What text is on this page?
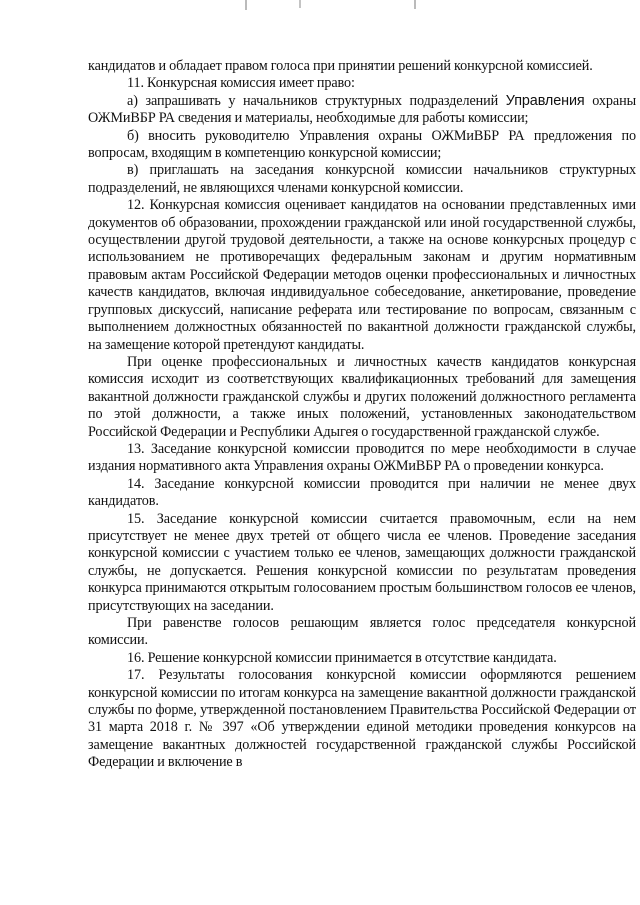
кандидатов и обладает правом голоса при принятии решений конкурсной комиссией.

11. Конкурсная комиссия имеет право:

а) запрашивать у начальников структурных подразделений Управления охраны ОЖМиВБР РА сведения и материалы, необходимые для работы комиссии;

б) вносить руководителю Управления охраны ОЖМиВБР РА предложения по вопросам, входящим в компетенцию конкурсной комиссии;

в) приглашать на заседания конкурсной комиссии начальников структурных подразделений, не являющихся членами конкурсной комиссии.

12. Конкурсная комиссия оценивает кандидатов на основании представленных ими документов об образовании, прохождении гражданской или иной государственной службы, осуществлении другой трудовой деятельности, а также на основе конкурсных процедур с использованием не противоречащих федеральным законам и другим нормативным правовым актам Российской Федерации методов оценки профессиональных и личностных качеств кандидатов, включая индивидуальное собеседование, анкетирование, проведение групповых дискуссий, написание реферата или тестирование по вопросам, связанным с выполнением должностных обязанностей по вакантной должности гражданской службы, на замещение которой претендуют кандидаты.

При оценке профессиональных и личностных качеств кандидатов конкурсная комиссия исходит из соответствующих квалификационных требований для замещения вакантной должности гражданской службы и других положений должностного регламента по этой должности, а также иных положений, установленных законодательством Российской Федерации и Республики Адыгея о государственной гражданской службе.

13. Заседание конкурсной комиссии проводится по мере необходимости в случае издания нормативного акта Управления охраны ОЖМиВБР РА о проведении конкурса.

14. Заседание конкурсной комиссии проводится при наличии не менее двух кандидатов.

15. Заседание конкурсной комиссии считается правомочным, если на нем присутствует не менее двух третей от общего числа ее членов. Проведение заседания конкурсной комиссии с участием только ее членов, замещающих должности гражданской службы, не допускается. Решения конкурсной комиссии по результатам проведения конкурса принимаются открытым голосованием простым большинством голосов ее членов, присутствующих на заседании.

При равенстве голосов решающим является голос председателя конкурсной комиссии.

16. Решение конкурсной комиссии принимается в отсутствие кандидата.

17. Результаты голосования конкурсной комиссии оформляются решением конкурсной комиссии по итогам конкурса на замещение вакантной должности гражданской службы по форме, утвержденной постановлением Правительства Российской Федерации от 31 марта 2018 г. № 397 «Об утверждении единой методики проведения конкурсов на замещение вакантных должностей государственной гражданской службы Российской Федерации и включение в
